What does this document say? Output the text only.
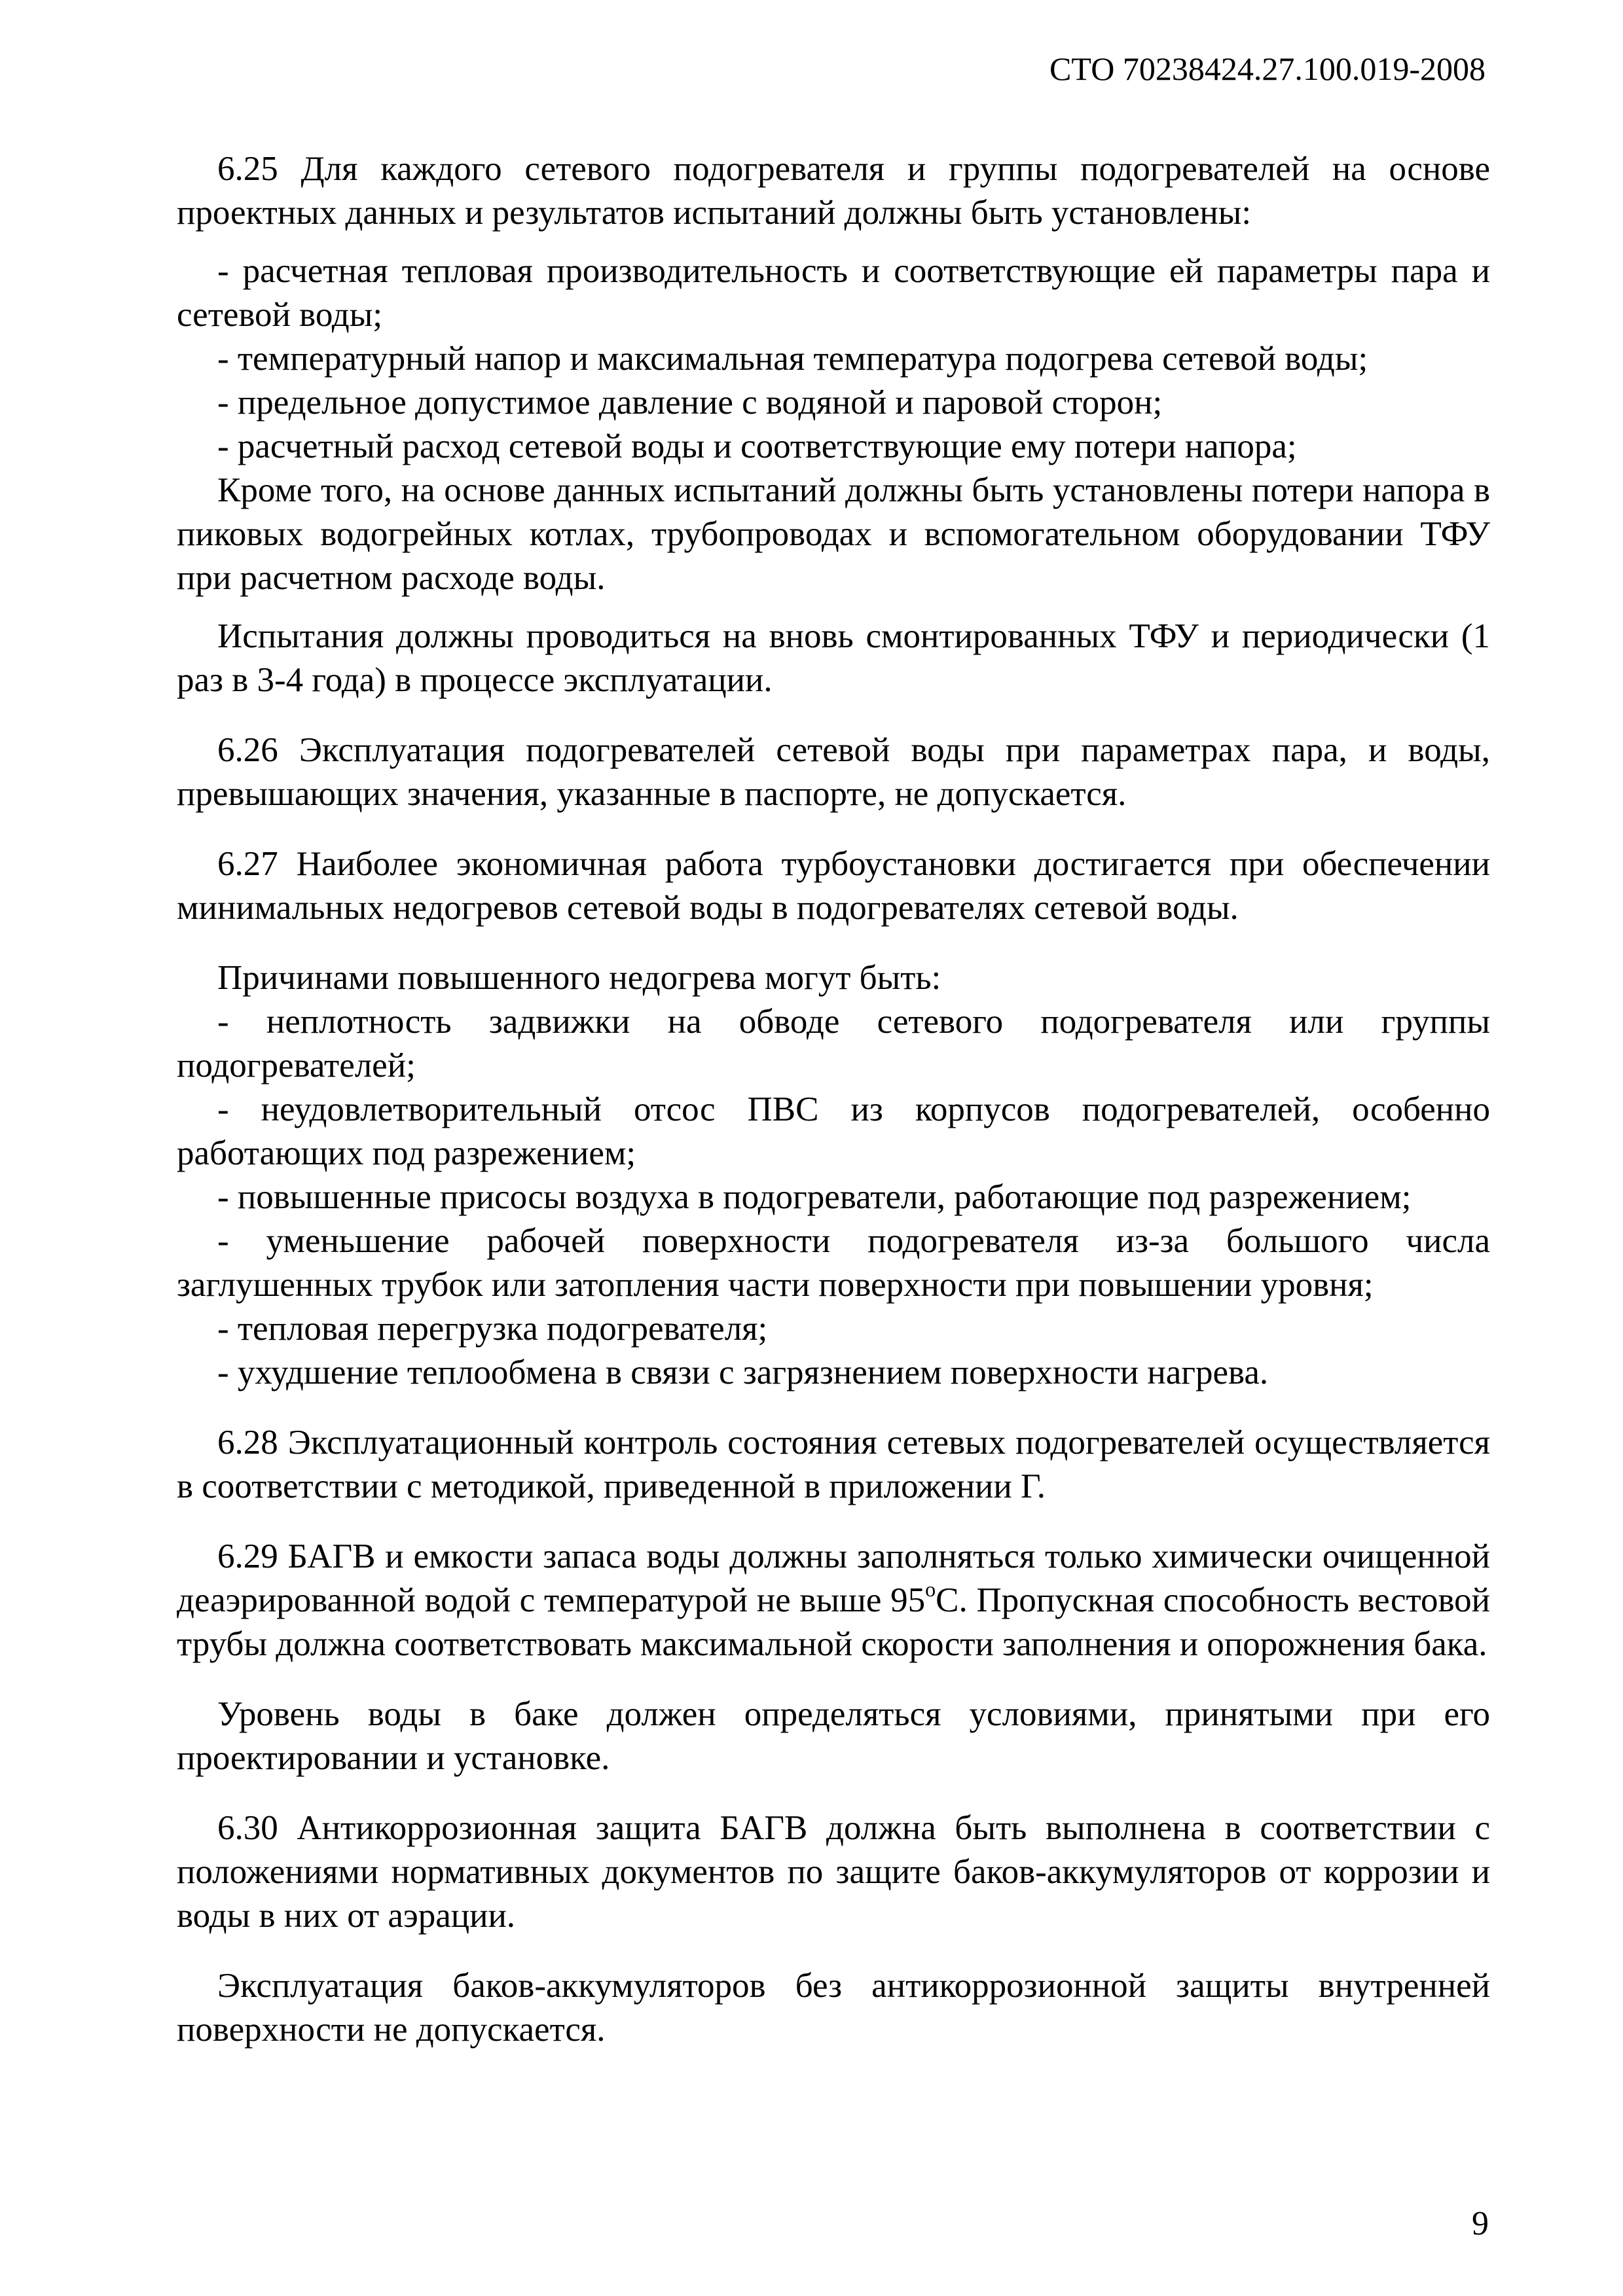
СТО 70238424.27.100.019-2008

6.25 Для каждого сетевого подогревателя и группы подогревателей на основе проектных данных и результатов испытаний должны быть установлены:

- расчетная тепловая производительность и соответствующие ей параметры пара и сетевой воды;

- температурный напор и максимальная температура подогрева сетевой воды;

- предельное допустимое давление с водяной и паровой сторон;

- расчетный расход сетевой воды и соответствующие ему потери напора;

Кроме того, на основе данных испытаний должны быть установлены потери напора в пиковых водогрейных котлах, трубопроводах и вспомогательном оборудовании ТФУ при расчетном расходе воды.

Испытания должны проводиться на вновь смонтированных ТФУ и периодически (1 раз в 3-4 года) в процессе эксплуатации.

6.26 Эксплуатация подогревателей сетевой воды при параметрах пара, и воды, превышающих значения, указанные в паспорте, не допускается.

6.27 Наиболее экономичная работа турбоустановки достигается при обеспечении минимальных недогревов сетевой воды в подогревателях сетевой воды.

Причинами повышенного недогрева могут быть:

- неплотность задвижки на обводе сетевого подогревателя или группы подогревателей;

- неудовлетворительный отсос ПВС из корпусов подогревателей, особенно работающих под разрежением;

- повышенные присосы воздуха в подогреватели, работающие под разрежением;

- уменьшение рабочей поверхности подогревателя из-за большого числа заглушенных трубок или затопления части поверхности при повышении уровня;

- тепловая перегрузка подогревателя;

- ухудшение теплообмена в связи с загрязнением поверхности нагрева.

6.28 Эксплуатационный контроль состояния сетевых подогревателей осуществляется в соответствии с методикой, приведенной в приложении Г.

6.29 БАГВ и емкости запаса воды должны заполняться только химически очищенной деаэрированной водой с температурой не выше $95^оС$. Пропускная способность вестовой трубы должна соответствовать максимальной скорости заполнения и опорожнения бака.

Уровень воды в баке должен определяться условиями, принятыми при его проектировании и установке.

6.30 Антикоррозионная защита БАГВ должна быть выполнена в соответствии с положениями нормативных документов по защите баков-аккумуляторов от коррозии и воды в них от аэрации.

Эксплуатация баков-аккумуляторов без антикоррозионной защиты внутренней поверхности не допускается.

9
